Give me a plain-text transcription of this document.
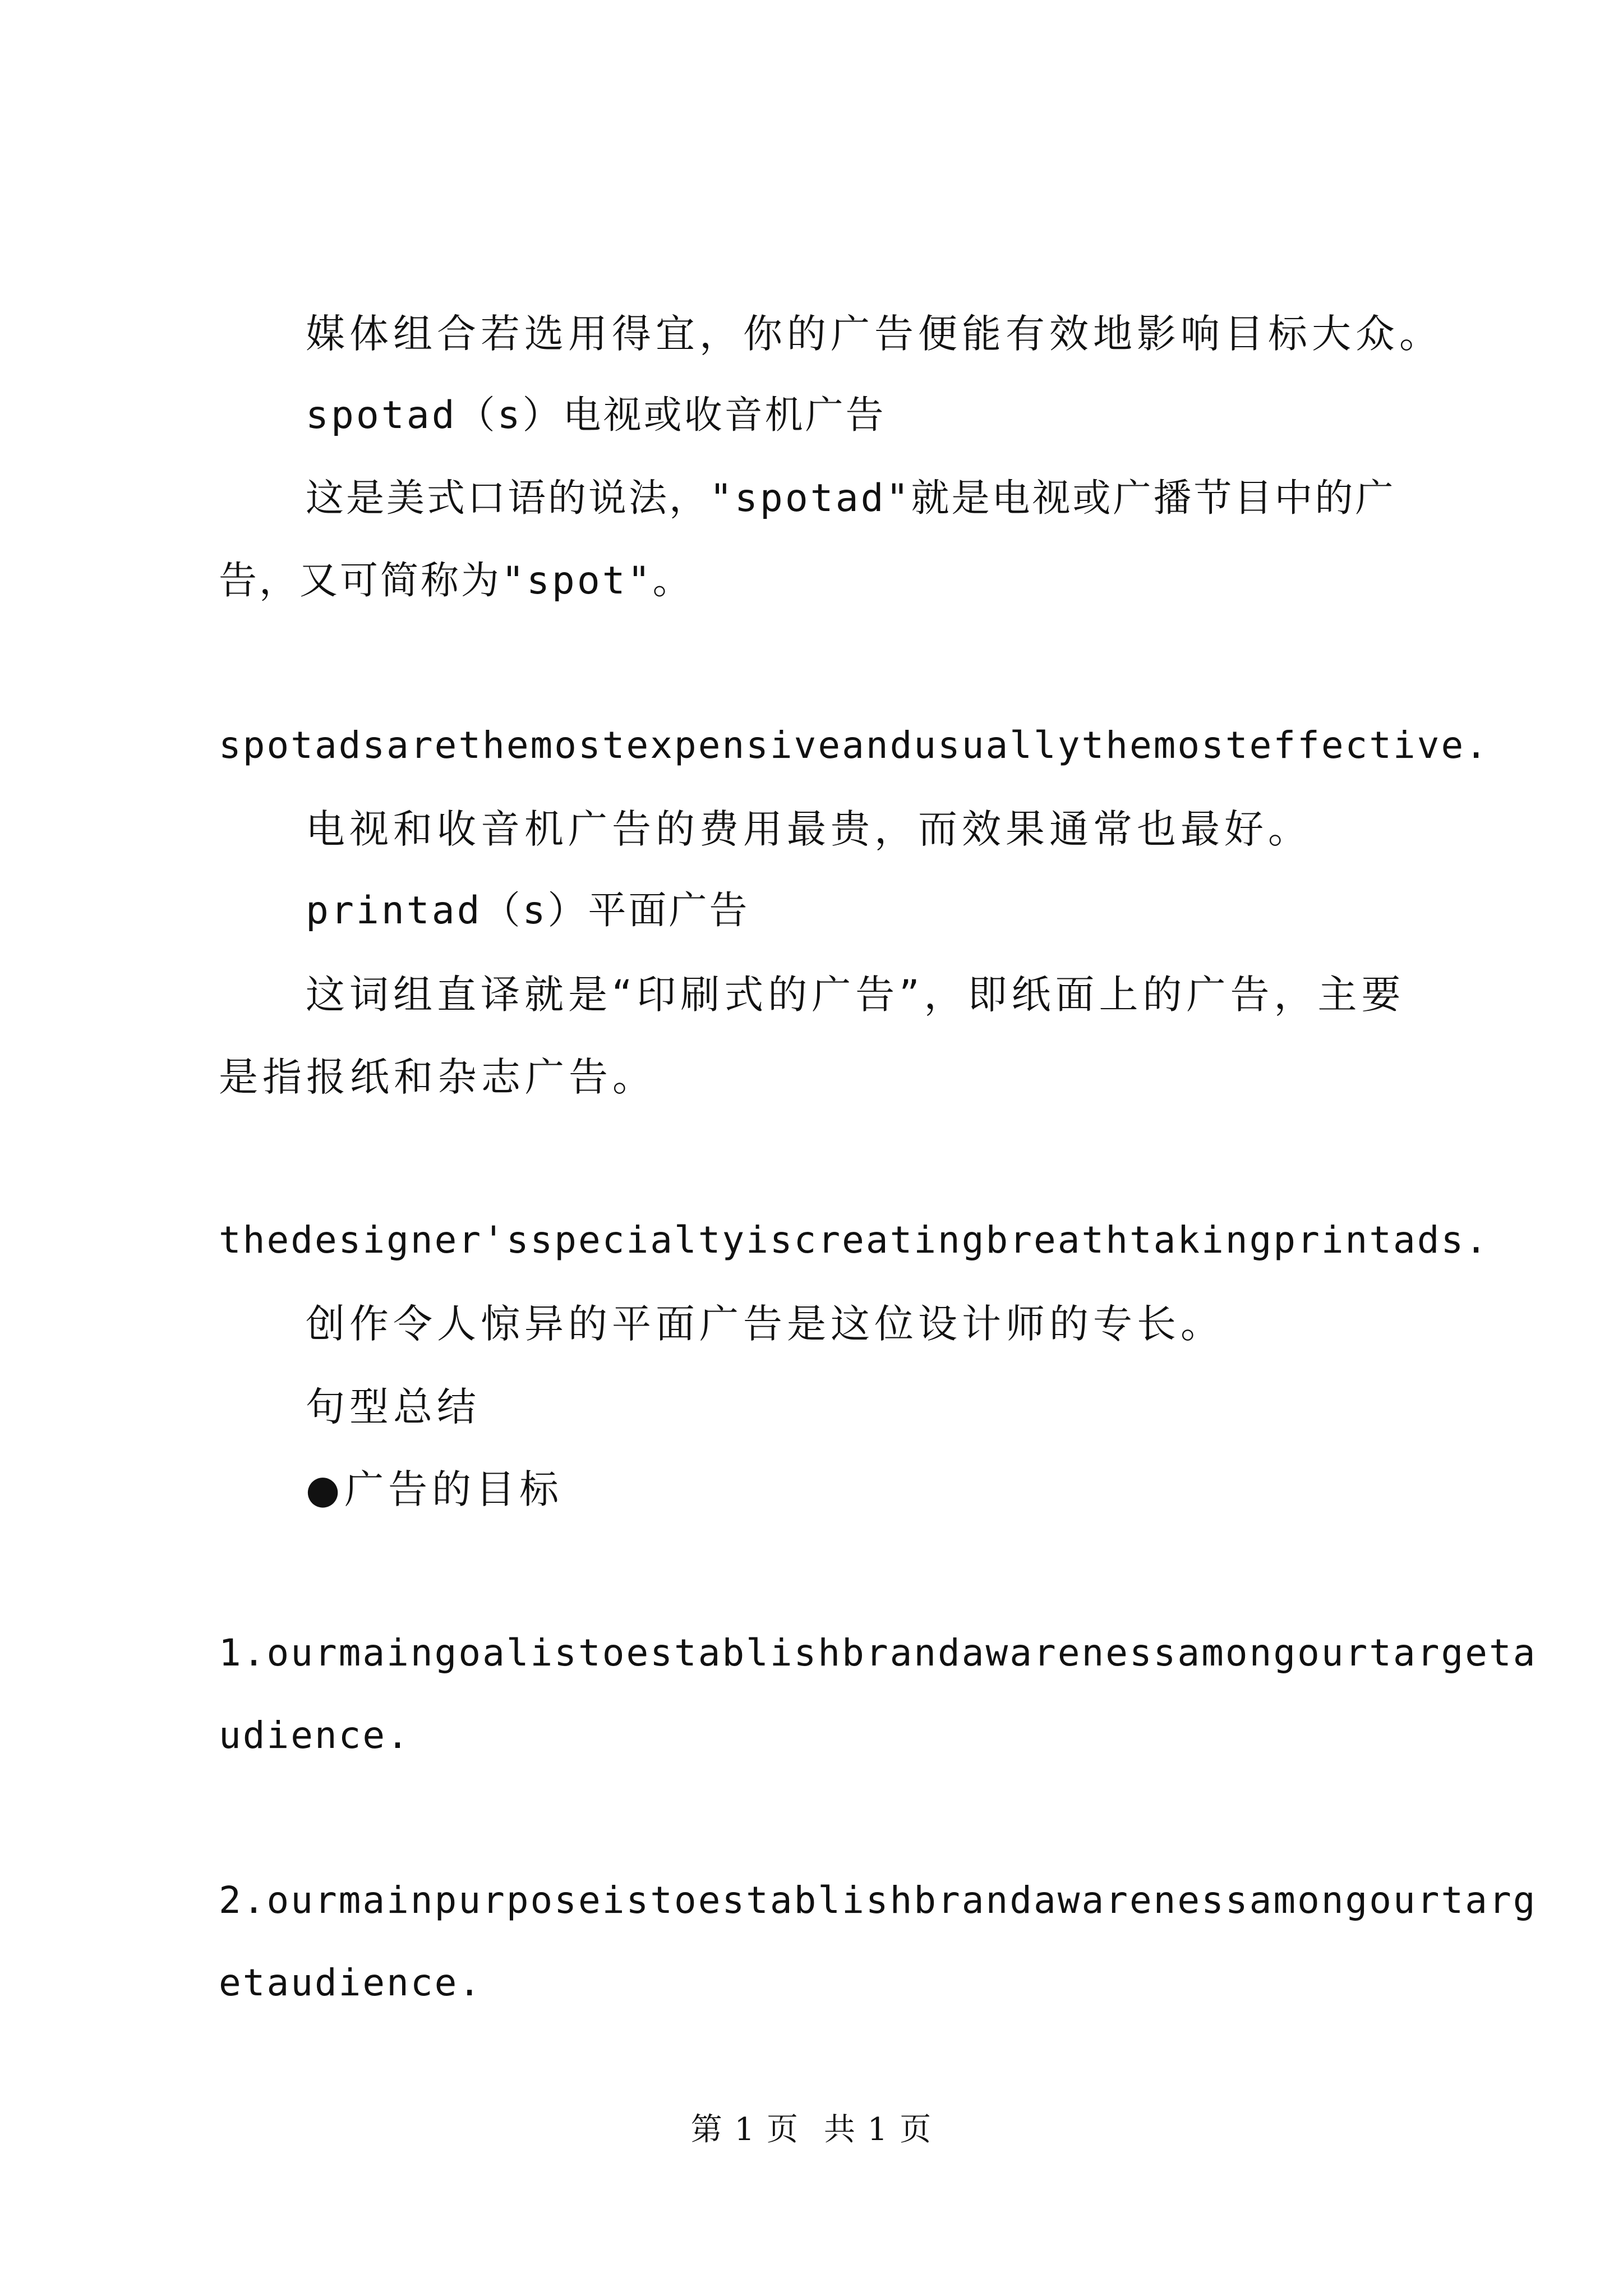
媒体组合若选用得宜，你的广告便能有效地影响目标大众。
spotad（s）电视或收音机广告
这是美式口语的说法，"spotad"就是电视或广播节目中的广
告，又可简称为"spot"。
spotadsarethemostexpensiveandusuallythemosteffective.
电视和收音机广告的费用最贵，而效果通常也最好。
printad（s）平面广告
这词组直译就是“印刷式的广告”，即纸面上的广告，主要
是指报纸和杂志广告。
thedesigner'sspecialtyiscreatingbreathtakingprintads.
创作令人惊异的平面广告是这位设计师的专长。
句型总结
●广告的目标
1.ourmaingoalistoestablishbrandawarenessamongourtargeta
udience.
2.ourmainpurposeistoestablishbrandawarenessamongourtarg
etaudience.
第 1 页 共 1 页
